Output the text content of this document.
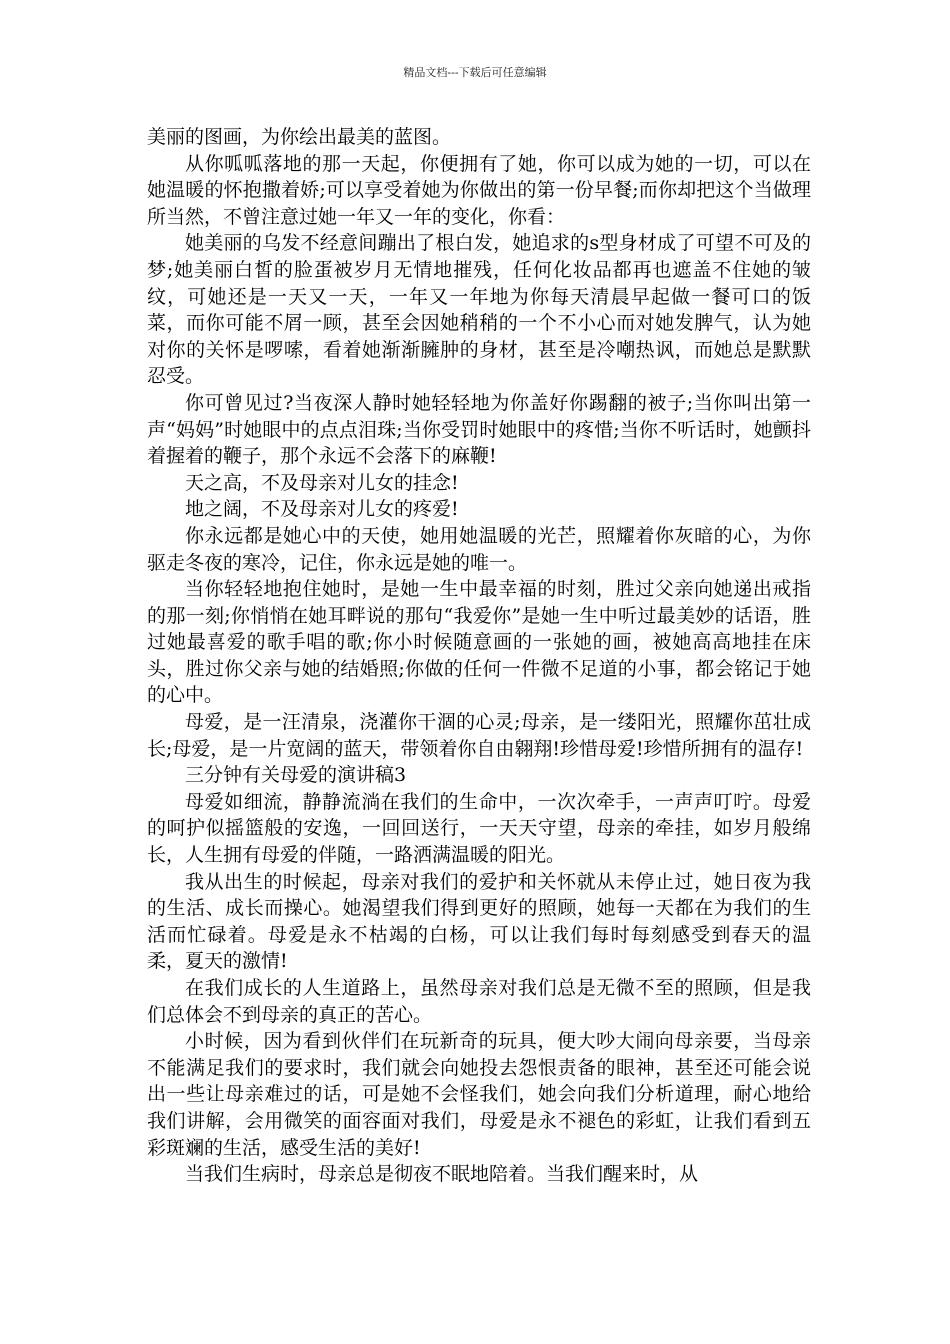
精品文档---下载后可任意编辑

美丽的图画，为你绘出最美的蓝图。

从你呱呱落地的那一天起，你便拥有了她，你可以成为她的一切，可以在她温暖的怀抱撒着娇;可以享受着她为你做出的第一份早餐;而你却把这个当做理所当然，不曾注意过她一年又一年的变化，你看：

她美丽的乌发不经意间蹦出了根白发，她追求的s型身材成了可望不可及的梦;她美丽白皙的脸蛋被岁月无情地摧残，任何化妆品都再也遮盖不住她的皱纹，可她还是一天又一天，一年又一年地为你每天清晨早起做一餐可口的饭菜，而你可能不屑一顾，甚至会因她稍稍的一个不小心而对她发脾气，认为她对你的关怀是啰嗦，看着她渐渐臃肿的身材，甚至是冷嘲热讽，而她总是默默忍受。

你可曾见过?当夜深人静时她轻轻地为你盖好你踢翻的被子;当你叫出第一声“妈妈”时她眼中的点点泪珠;当你受罚时她眼中的疼惜;当你不听话时，她颤抖着握着的鞭子，那个永远不会落下的麻鞭!

天之高，不及母亲对儿女的挂念!

地之阔，不及母亲对儿女的疼爱!

你永远都是她心中的天使，她用她温暖的光芒，照耀着你灰暗的心，为你驱走冬夜的寒冷，记住，你永远是她的唯一。

当你轻轻地抱住她时，是她一生中最幸福的时刻，胜过父亲向她递出戒指的那一刻;你悄悄在她耳畔说的那句“我爱你”是她一生中听过最美妙的话语，胜过她最喜爱的歌手唱的歌;你小时候随意画的一张她的画，被她高高地挂在床头，胜过你父亲与她的结婚照;你做的任何一件微不足道的小事，都会铭记于她的心中。

母爱，是一汪清泉，浇灌你干涸的心灵;母亲，是一缕阳光，照耀你茁壮成长;母爱，是一片宽阔的蓝天，带领着你自由翱翔!珍惜母爱!珍惜所拥有的温存!

三分钟有关母爱的演讲稿3

母爱如细流，静静流淌在我们的生命中，一次次牵手，一声声叮咛。母爱的呵护似摇篮般的安逸，一回回送行，一天天守望，母亲的牵挂，如岁月般绵长，人生拥有母爱的伴随，一路洒满温暖的阳光。

我从出生的时候起，母亲对我们的爱护和关怀就从未停止过，她日夜为我的生活、成长而操心。她渴望我们得到更好的照顾，她每一天都在为我们的生活而忙碌着。母爱是永不枯竭的白杨，可以让我们每时每刻感受到春天的温柔，夏天的激情!

在我们成长的人生道路上，虽然母亲对我们总是无微不至的照顾，但是我们总体会不到母亲的真正的苦心。

小时候，因为看到伙伴们在玩新奇的玩具，便大吵大闹向母亲要，当母亲不能满足我们的要求时，我们就会向她投去怨恨责备的眼神，甚至还可能会说出一些让母亲难过的话，可是她不会怪我们，她会向我们分析道理，耐心地给我们讲解，会用微笑的面容面对我们，母爱是永不褪色的彩虹，让我们看到五彩斑斓的生活，感受生活的美好!

当我们生病时，母亲总是彻夜不眠地陪着。当我们醒来时，从
